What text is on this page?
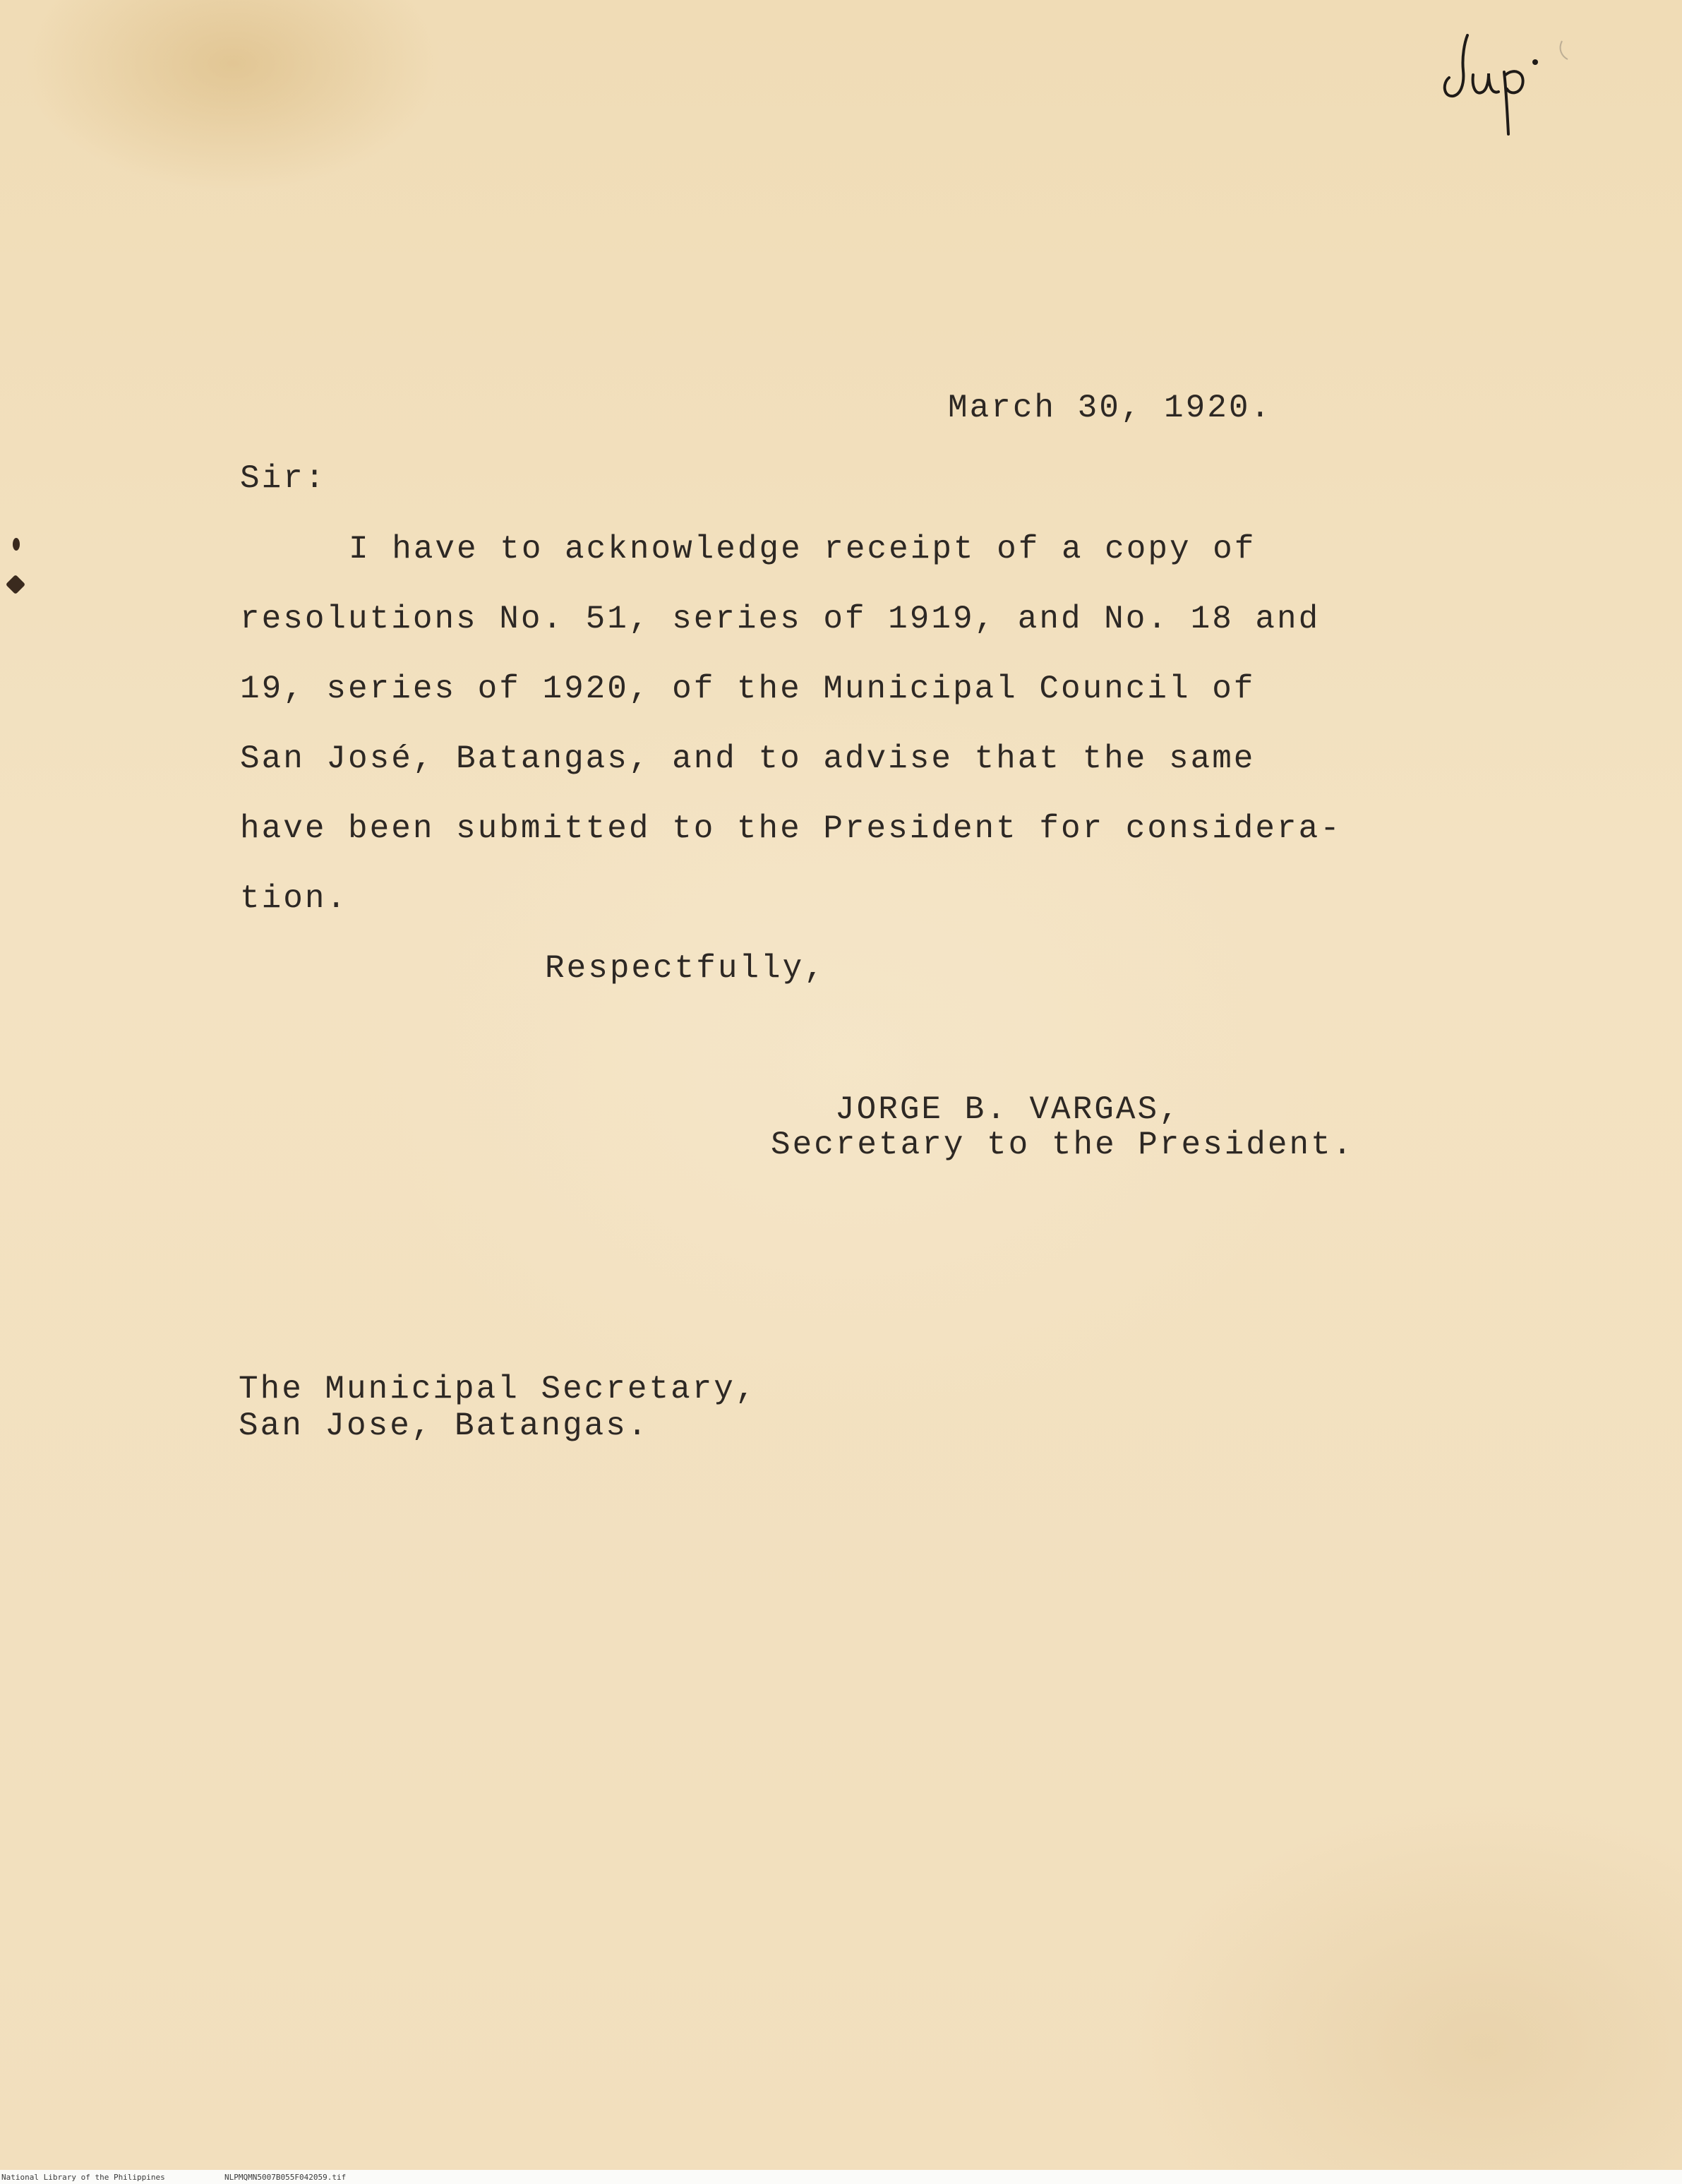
March 30, 1920.
Sir:
I have to acknowledge receipt of a copy of
resolutions No. 51, series of 1919, and No. 18 and
19, series of 1920, of the Municipal Council of
San José, Batangas, and to advise that the same
have been submitted to the President for considera-
tion.
Respectfully,
JORGE B. VARGAS,
Secretary to the President.
The Municipal Secretary,
San Jose, Batangas.
National Library of the Philippines	NLPMQMN5007B055F042059.tif
